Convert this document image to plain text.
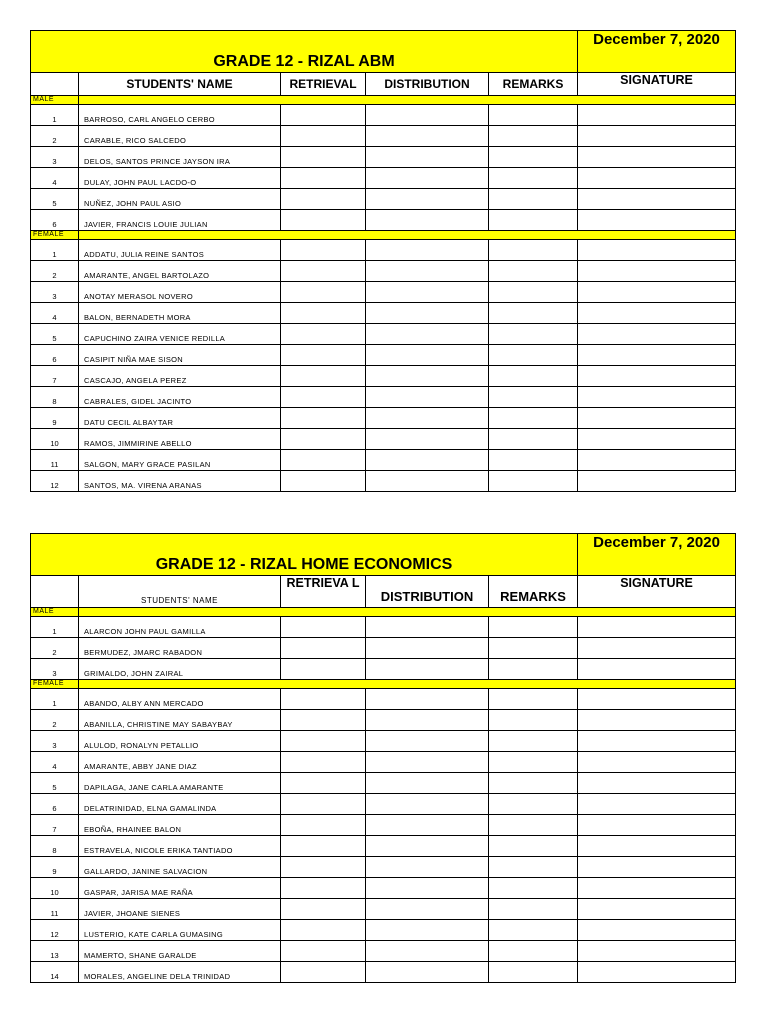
GRADE 12 - RIZAL ABM					December 7, 2020
	STUDENTS' NAME	RETRIEVAL	DISTRIBUTION	REMARKS	SIGNATURE
MALE					
1	BARROSO, CARL ANGELO CERBO				
2	CARABLE, RICO SALCEDO				
3	DELOS, SANTOS PRINCE JAYSON IRA				
4	DULAY, JOHN PAUL LACDO-O				
5	NUÑEZ, JOHN PAUL ASIO				
6	JAVIER, FRANCIS LOUIE JULIAN				
FEMALE					
1	ADDATU, JULIA REINE SANTOS				
2	AMARANTE, ANGEL BARTOLAZO				
3	ANOTAY MERASOL NOVERO				
4	BALON, BERNADETH MORA				
5	CAPUCHINO ZAIRA VENICE REDILLA				
6	CASIPIT NIÑA MAE SISON				
7	CASCAJO, ANGELA PEREZ				
8	CABRALES, GIDEL JACINTO				
9	DATU CECIL ALBAYTAR				
10	RAMOS, JIMMIRINE ABELLO				
11	SALGON, MARY GRACE PASILAN				
12	SANTOS, MA. VIRENA ARANAS				
GRADE 12 - RIZAL HOME ECONOMICS					December 7, 2020
	STUDENTS' NAME	RETRIEVA L	DISTRIBUTION	REMARKS	SIGNATURE
MALE					
1	ALARCON JOHN PAUL GAMILLA				
2	BERMUDEZ, JMARC RABADON				
3	GRIMALDO, JOHN ZAIRAL				
FEMALE					
1	ABANDO, ALBY ANN MERCADO				
2	ABANILLA, CHRISTINE MAY SABAYBAY				
3	ALULOD, RONALYN PETALLIO				
4	AMARANTE, ABBY JANE DIAZ				
5	DAPILAGA, JANE CARLA AMARANTE				
6	DELATRINIDAD, ELNA GAMALINDA				
7	EBOÑA, RHAINEE BALON				
8	ESTRAVELA, NICOLE ERIKA TANTIADO				
9	GALLARDO, JANINE SALVACION				
10	GASPAR, JARISA MAE RAÑA				
11	JAVIER, JHOANE SIENES				
12	LUSTERIO, KATE CARLA GUMASING				
13	MAMERTO, SHANE GARALDE				
14	MORALES, ANGELINE DELA TRINIDAD				
